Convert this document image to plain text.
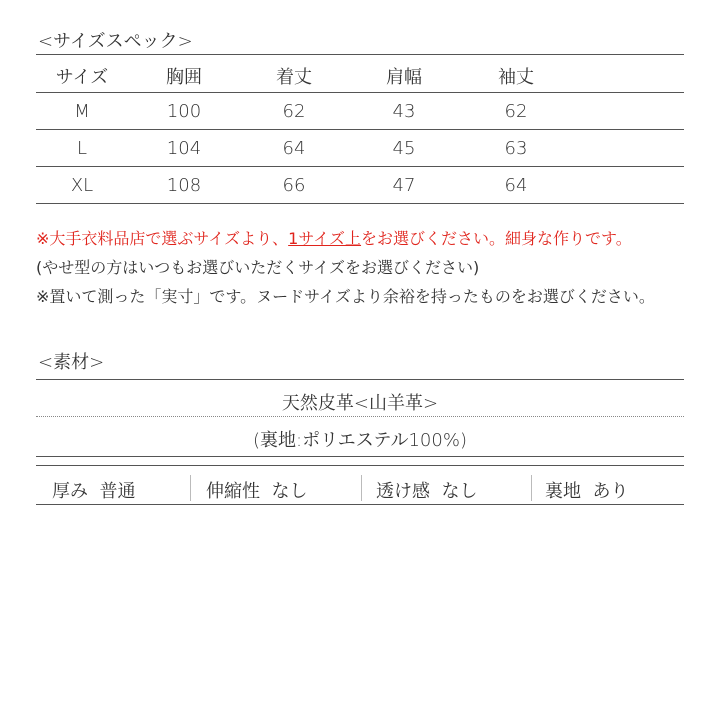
<サイズスペック>
サイズ	胸囲	着丈	肩幅	袖丈
M	100	62	43	62
L	104	64	45	63
XL	108	66	47	64
※大手衣料品店で選ぶサイズより、1サイズ上をお選びください。細身な作りです。
(やせ型の方はいつもお選びいただくサイズをお選びください)
※置いて測った「実寸」です。ヌードサイズより余裕を持ったものをお選びください。
<素材>
天然皮革<山羊革>
(裏地:ポリエステル100%)
厚み 普通	伸縮性 なし	透け感 なし	裏地 あり
